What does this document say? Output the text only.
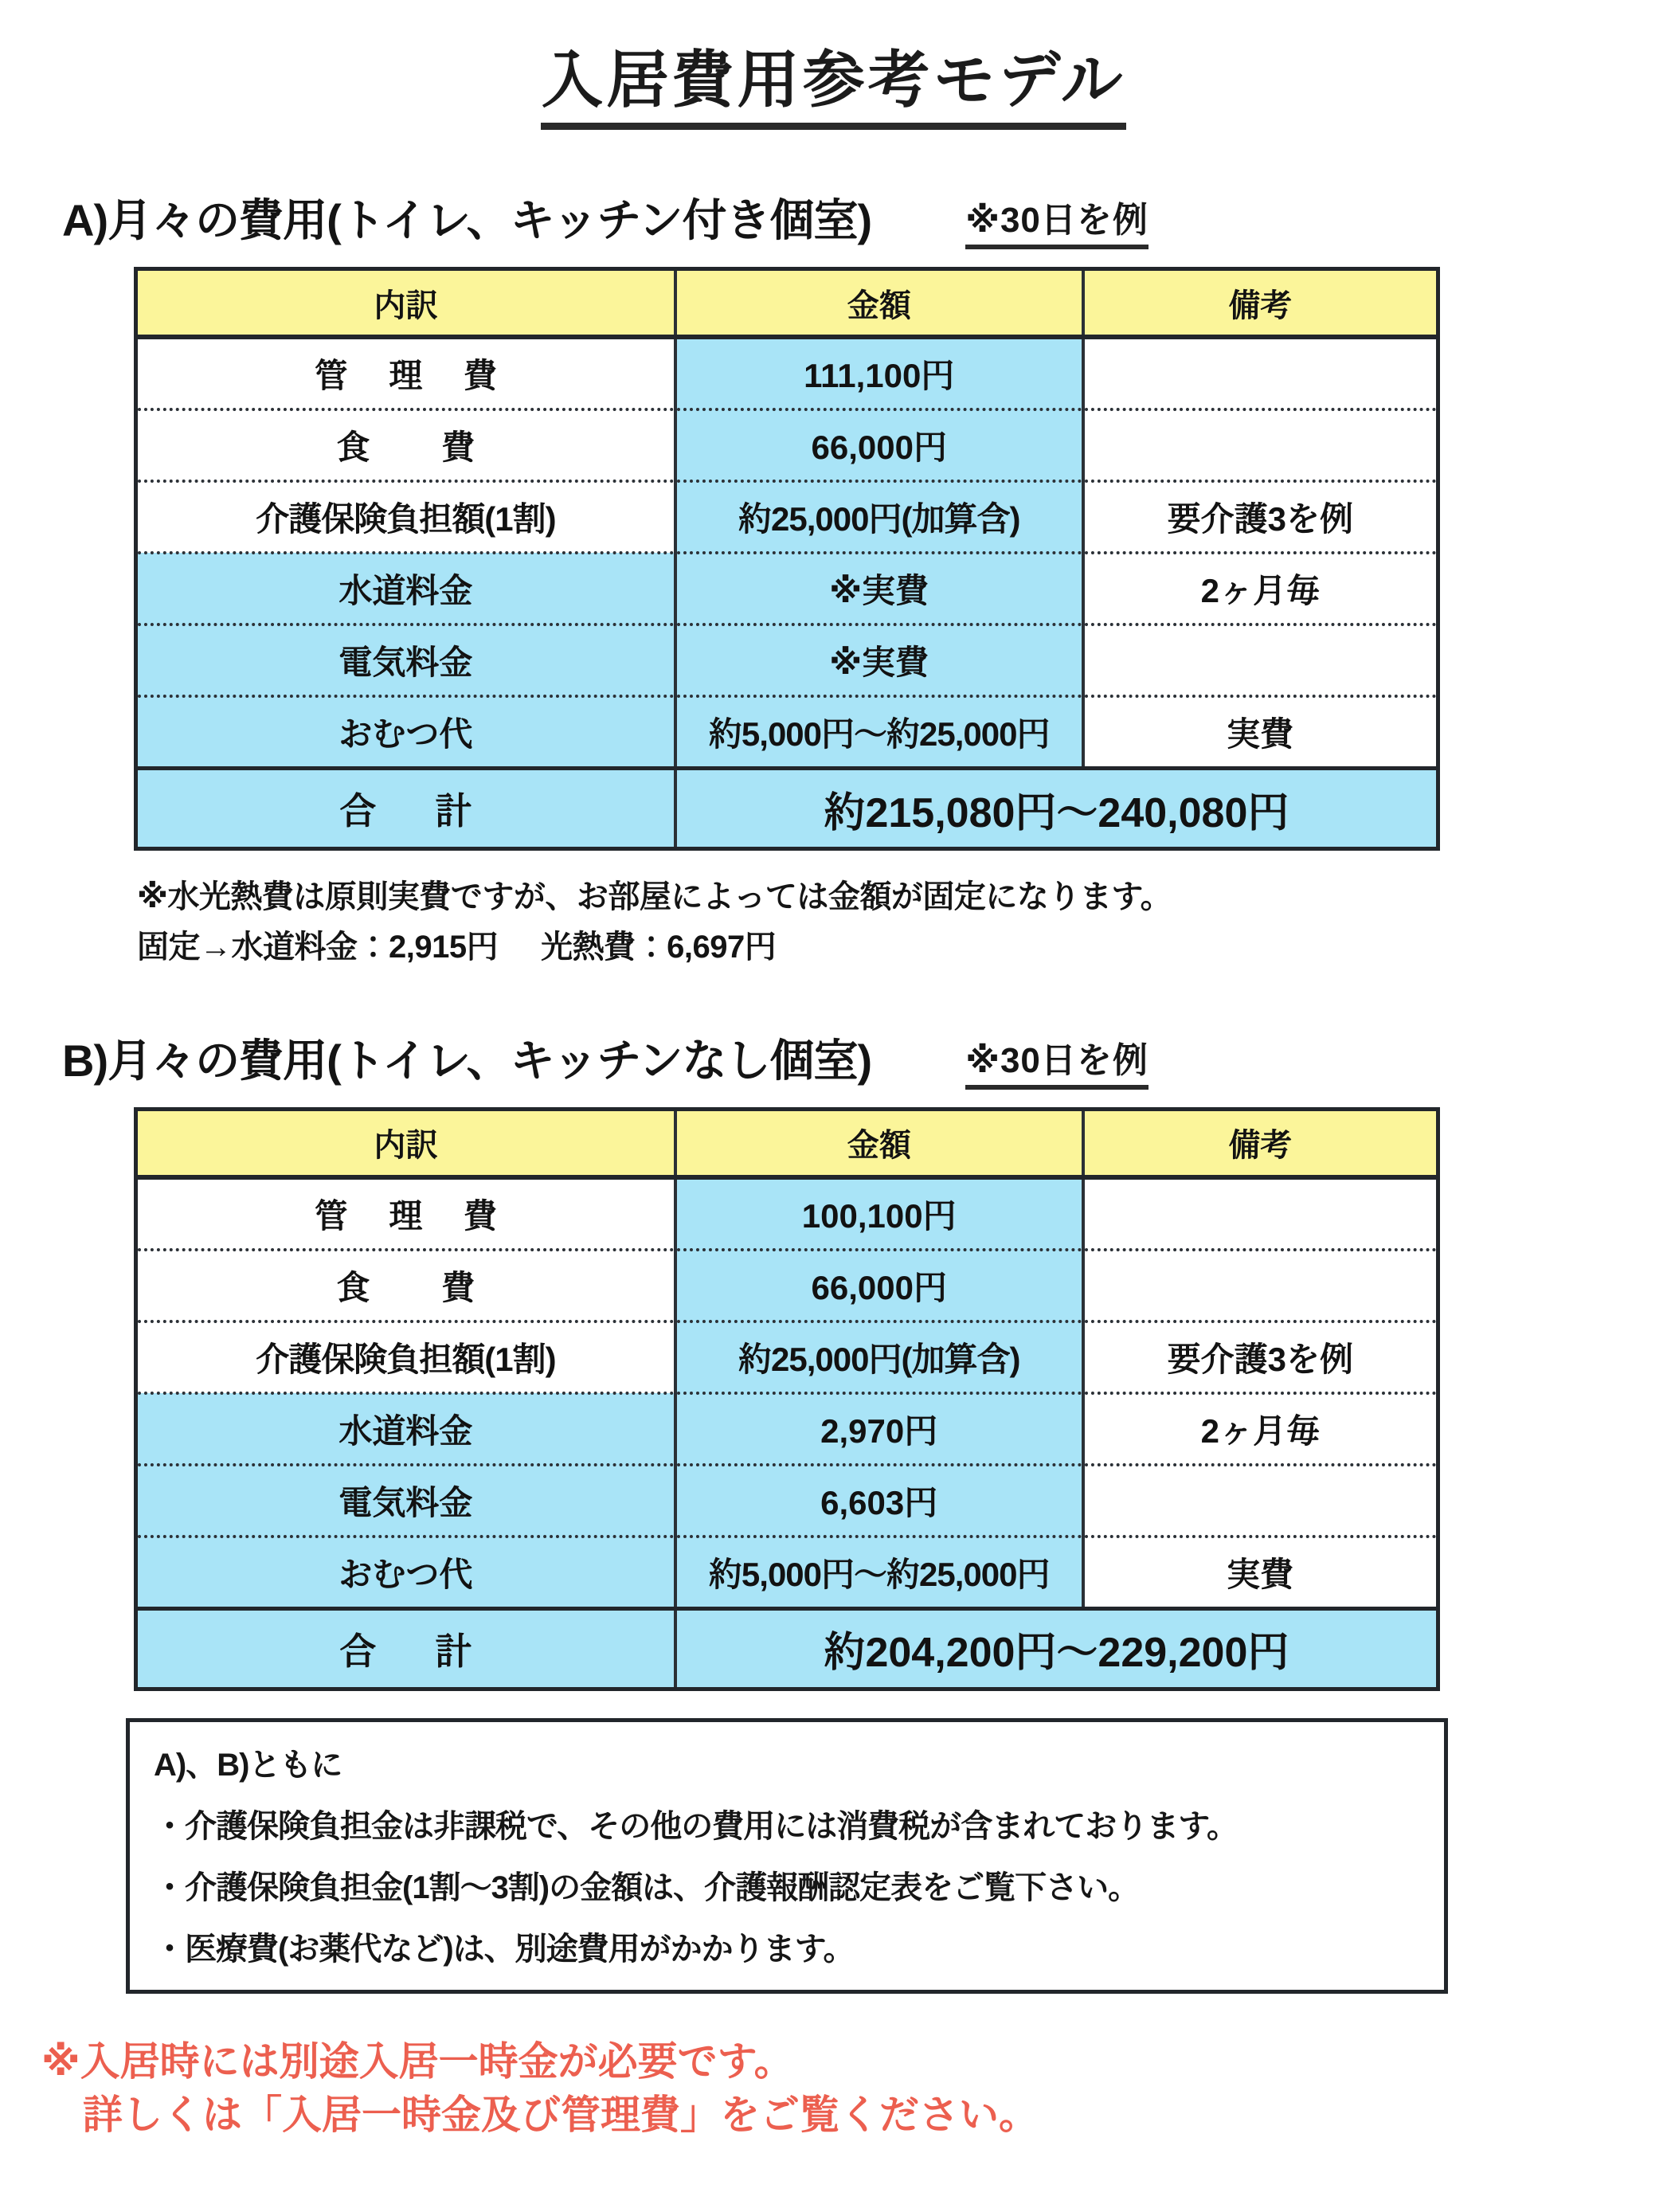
入居費用参考モデル
A)月々の費用(トイレ、キッチン付き個室)	※30日を例
内訳	金額	備考
管 理 費	111,100円	
食　費	66,000円	
介護保険負担額(1割)	約25,000円(加算含)	要介護3を例
水道料金	※実費	2ヶ月毎
電気料金	※実費	
おむつ代	約5,000円～約25,000円	実費
合　計	約215,080円～240,080円	
※水光熱費は原則実費ですが、お部屋によっては金額が固定になります。
固定→水道料金：2,915円 光熱費：6,697円
B)月々の費用(トイレ、キッチンなし個室)	※30日を例
内訳	金額	備考
管 理 費	100,100円	
食　費	66,000円	
介護保険負担額(1割)	約25,000円(加算含)	要介護3を例
水道料金	2,970円	2ヶ月毎
電気料金	6,603円	
おむつ代	約5,000円～約25,000円	実費
合　計	約204,200円～229,200円	
A)、B)ともに
・介護保険負担金は非課税で、その他の費用には消費税が含まれております。
・介護保険負担金(1割～3割)の金額は、介護報酬認定表をご覧下さい。
・医療費(お薬代など)は、別途費用がかかります。
※入居時には別途入居一時金が必要です。
詳しくは「入居一時金及び管理費」をご覧ください。
